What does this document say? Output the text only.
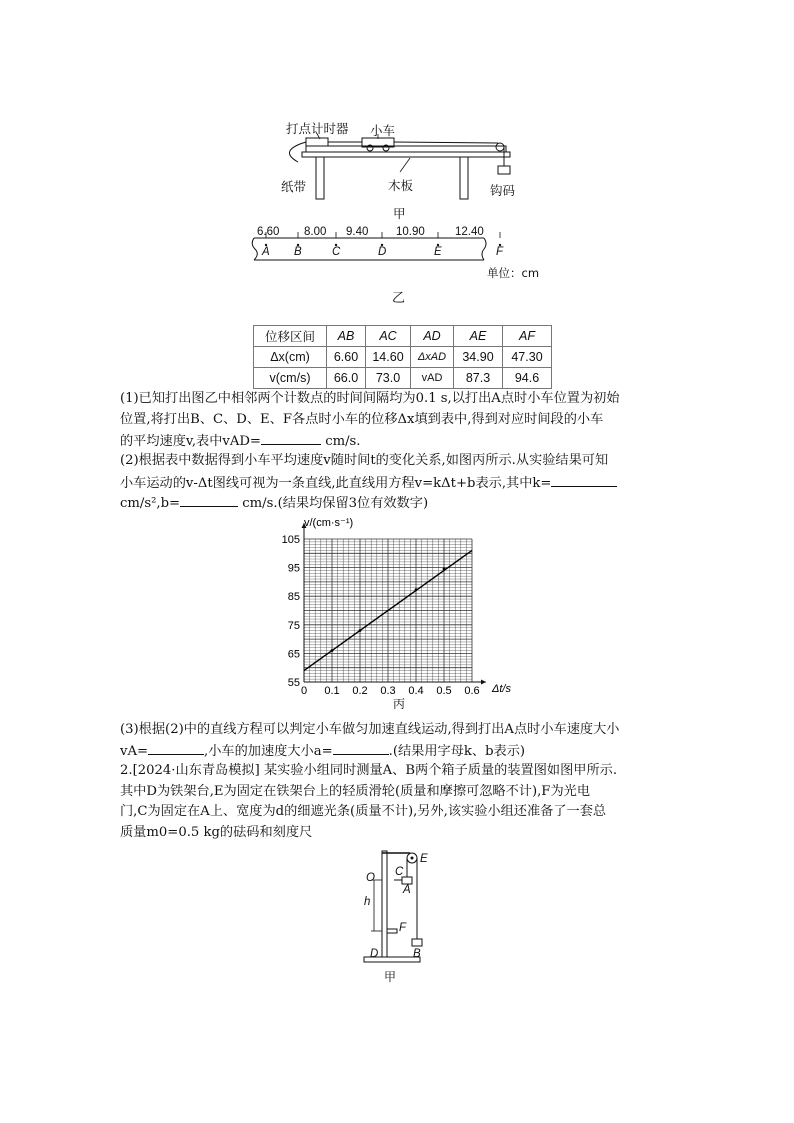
打点计时器 小车
纸带	木板	钩码
甲
6.60 8.00 9.40 10.90	12.40
A B	C	D	E	F
单位：cm
乙
位移区间	AB	AC	AD	AE	AF
Δx(cm)	6.60	14.60	ΔxAD	34.90	47.30
v(cm/s)	66.0	73.0	vAD	87.3	94.6
(1)已知打出图乙中相邻两个计数点的时间间隔均为0.1 s,以打出A点时小车位置为初始
位置,将打出B、C、D、E、F各点时小车的位移Δx填到表中,得到对应时间段的小车
的平均速度v,表中vAD=	cm/s.
(2)根据表中数据得到小车平均速度v随时间t的变化关系,如图丙所示.从实验结果可知
小车运动的v-Δt图线可视为一条直线,此直线用方程v=kΔt+b表示,其中k=
cm/s²,b=	cm/s.(结果均保留3位有效数字)
0 0.1 0.2 0.3 0.4 0.5 0.6
55
65
75
85
95
105
v/(cm·s⁻¹)
Δt/s
丙
(3)根据(2)中的直线方程可以判定小车做匀加速直线运动,得到打出A点时小车速度大小
vA=	,小车的加速度大小a=	.(结果用字母k、b表示)
2.[2024·山东青岛模拟] 某实验小组同时测量A、B两个箱子质量的装置图如图甲所示.
其中D为铁架台,E为固定在铁架台上的轻质滑轮(质量和摩擦可忽略不计),F为光电
门,C为固定在A上、宽度为d的细遮光条(质量不计),另外,该实验小组还准备了一套总
质量m0=0.5 kg的砝码和刻度尺
E
O C
A
h
F
D	B
甲
